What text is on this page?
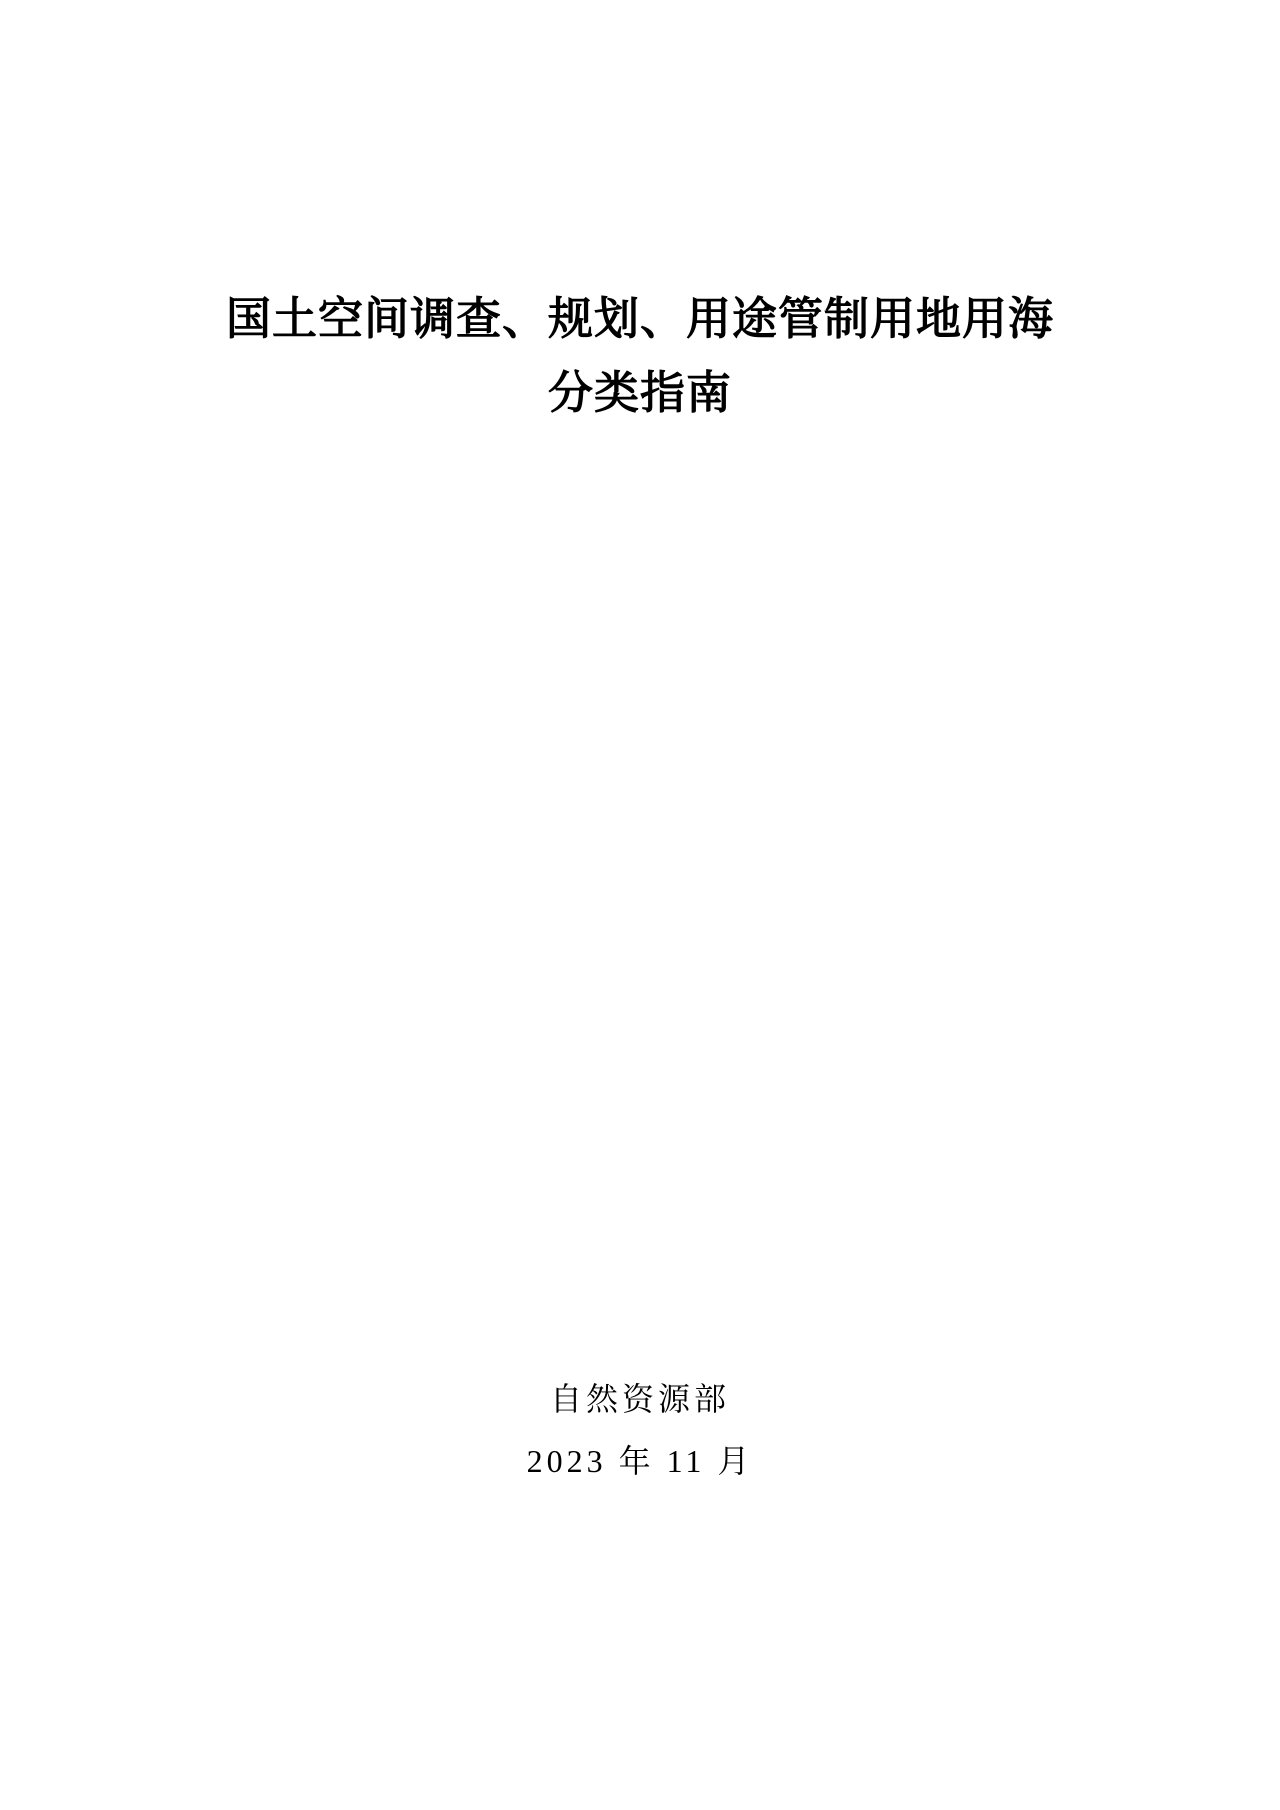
国土空间调查、规划、用途管制用地用海
分类指南

自然资源部

2023 年 11 月
